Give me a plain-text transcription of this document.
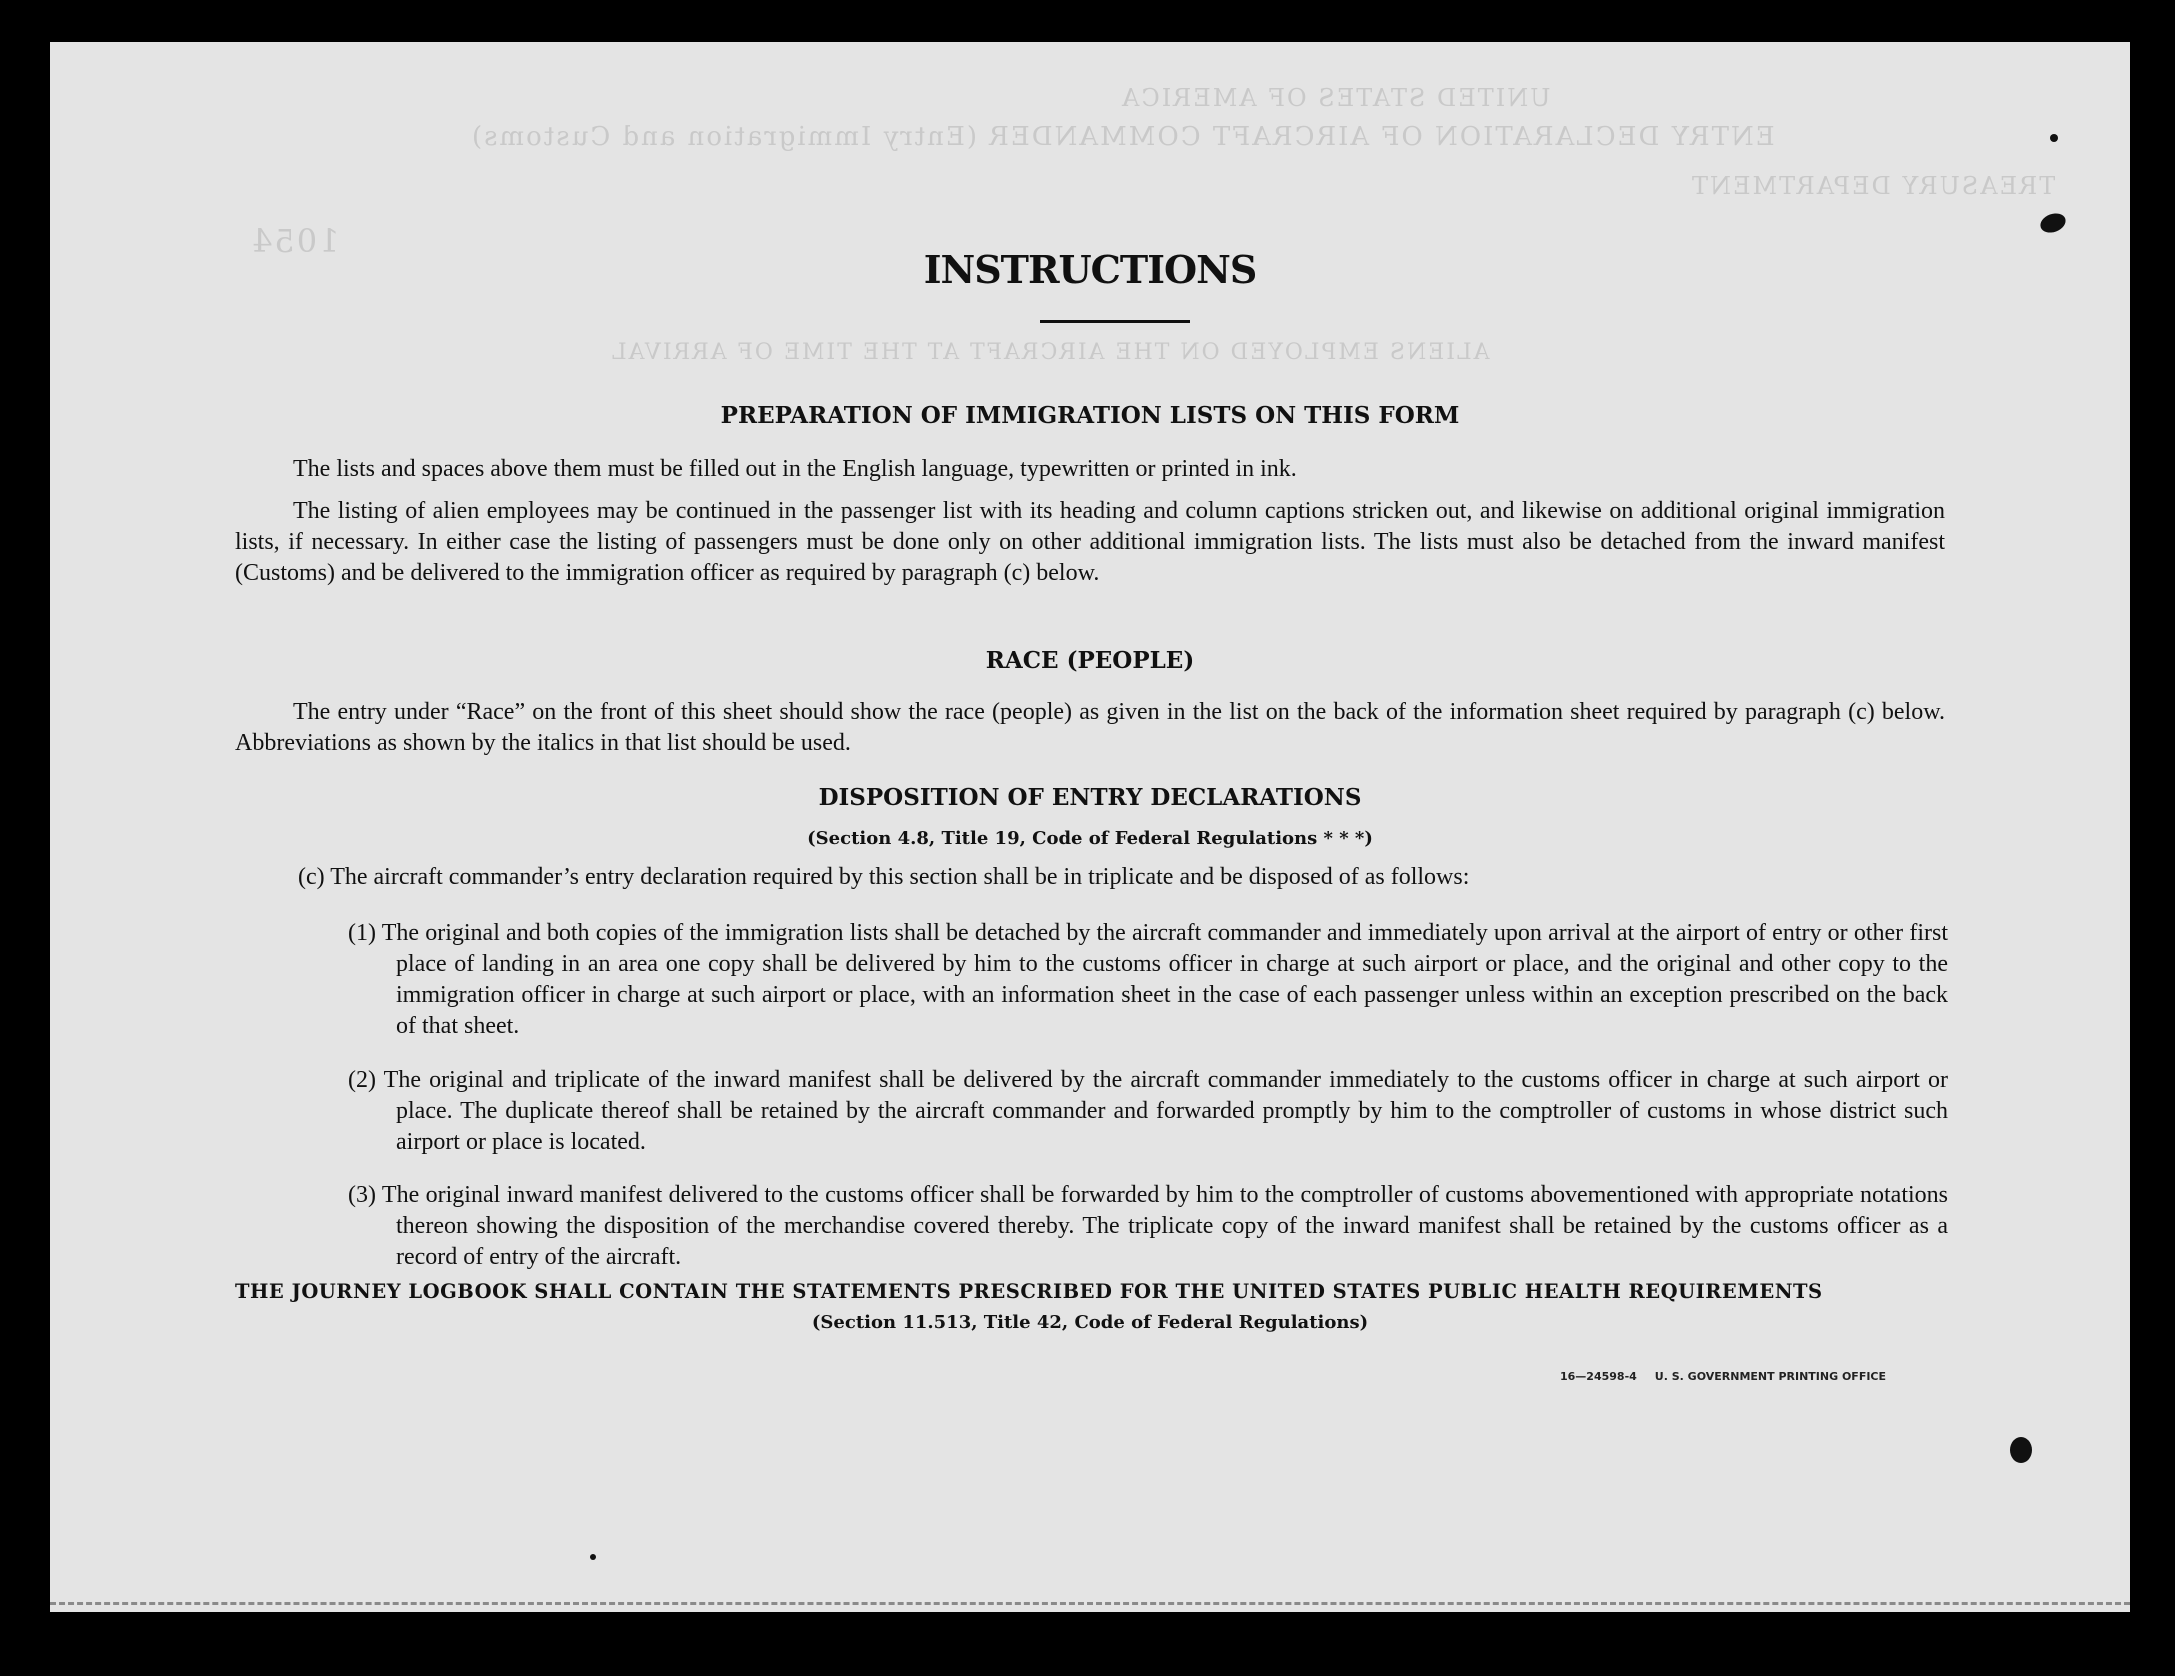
UNITED STATES OF AMERICA
ENTRY DECLARATION OF AIRCRAFT COMMANDER (Entry Immigration and Customs)
TREASURY DEPARTMENT
1054
ALIENS EMPLOYED ON THE AIRCRAFT AT THE TIME OF ARRIVAL
INSTRUCTIONS
PREPARATION OF IMMIGRATION LISTS ON THIS FORM
The lists and spaces above them must be filled out in the English language, typewritten or printed in ink.
The listing of alien employees may be continued in the passenger list with its heading and column captions stricken out, and likewise on additional original immigration lists, if necessary. In either case the listing of passengers must be done only on other additional immigration lists. The lists must also be detached from the inward manifest (Customs) and be delivered to the immigration officer as required by paragraph (c) below.
RACE (PEOPLE)
The entry under “Race” on the front of this sheet should show the race (people) as given in the list on the back of the information sheet required by paragraph (c) below. Abbreviations as shown by the italics in that list should be used.
DISPOSITION OF ENTRY DECLARATIONS
(Section 4.8, Title 19, Code of Federal Regulations * * *)
(c) The aircraft commander’s entry declaration required by this section shall be in triplicate and be disposed of as follows:
(1) The original and both copies of the immigration lists shall be detached by the aircraft commander and immediately upon arrival at the airport of entry or other first place of landing in an area one copy shall be delivered by him to the customs officer in charge at such airport or place, and the original and other copy to the immigration officer in charge at such airport or place, with an information sheet in the case of each passenger unless within an exception prescribed on the back of that sheet.
(2) The original and triplicate of the inward manifest shall be delivered by the aircraft commander immediately to the customs officer in charge at such airport or place. The duplicate thereof shall be retained by the aircraft commander and forwarded promptly by him to the comptroller of customs in whose district such airport or place is located.
(3) The original inward manifest delivered to the customs officer shall be forwarded by him to the comptroller of customs abovementioned with appropriate notations thereon showing the disposition of the merchandise covered thereby. The triplicate copy of the inward manifest shall be retained by the customs officer as a record of entry of the aircraft.
THE JOURNEY LOGBOOK SHALL CONTAIN THE STATEMENTS PRESCRIBED FOR THE UNITED STATES PUBLIC HEALTH REQUIREMENTS
(Section 11.513, Title 42, Code of Federal Regulations)
16—24598-4 U. S. GOVERNMENT PRINTING OFFICE
